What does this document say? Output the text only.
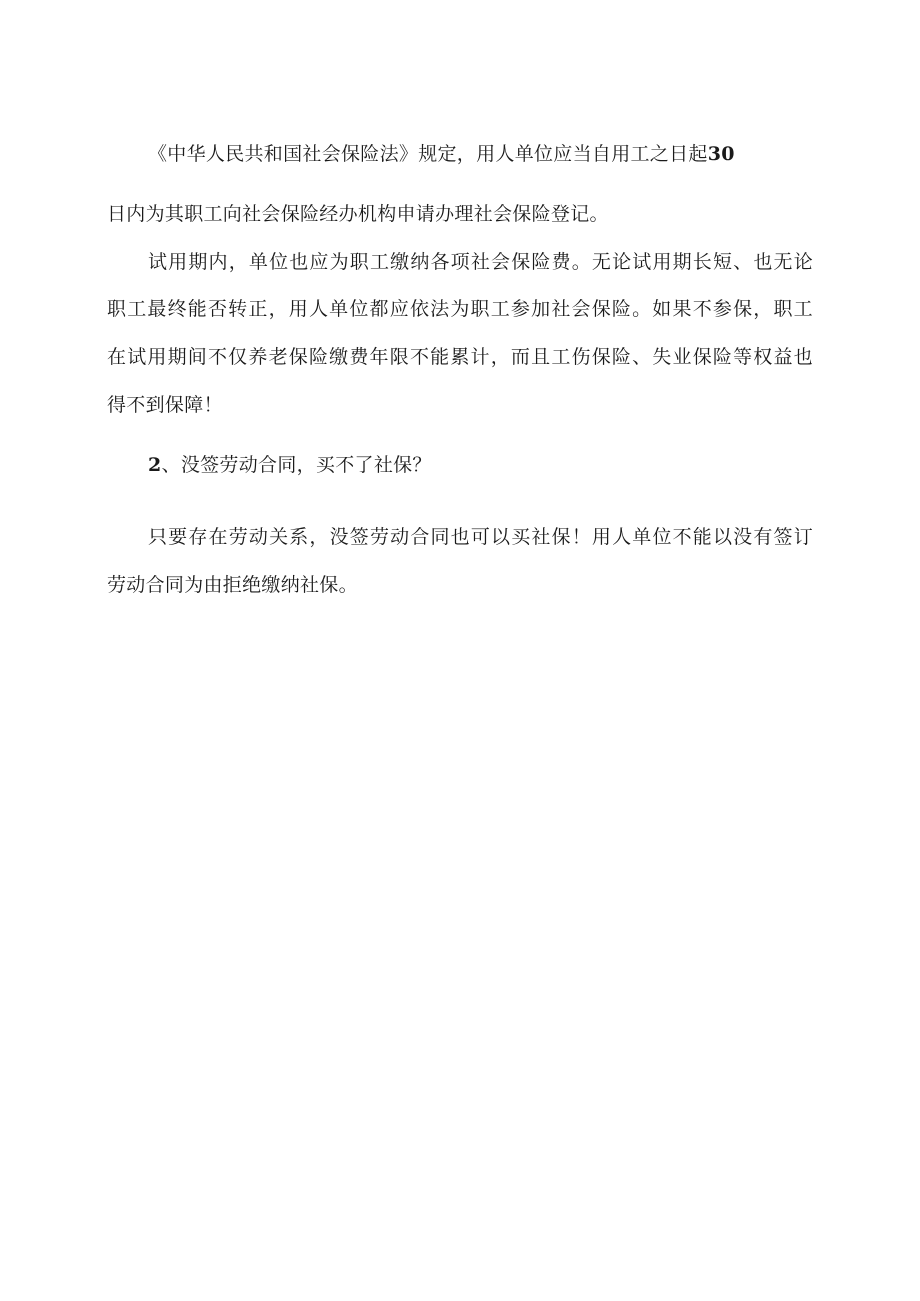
《中华人民共和国社会保险法》规定，用人单位应当自用工之日起30
日内为其职工向社会保险经办机构申请办理社会保险登记。
试用期内，单位也应为职工缴纳各项社会保险费。无论试用期长短、也无论
职工最终能否转正，用人单位都应依法为职工参加社会保险。如果不参保，职工
在试用期间不仅养老保险缴费年限不能累计，而且工伤保险、失业保险等权益也
得不到保障！
2、没签劳动合同，买不了社保？
只要存在劳动关系，没签劳动合同也可以买社保！用人单位不能以没有签订
劳动合同为由拒绝缴纳社保。
